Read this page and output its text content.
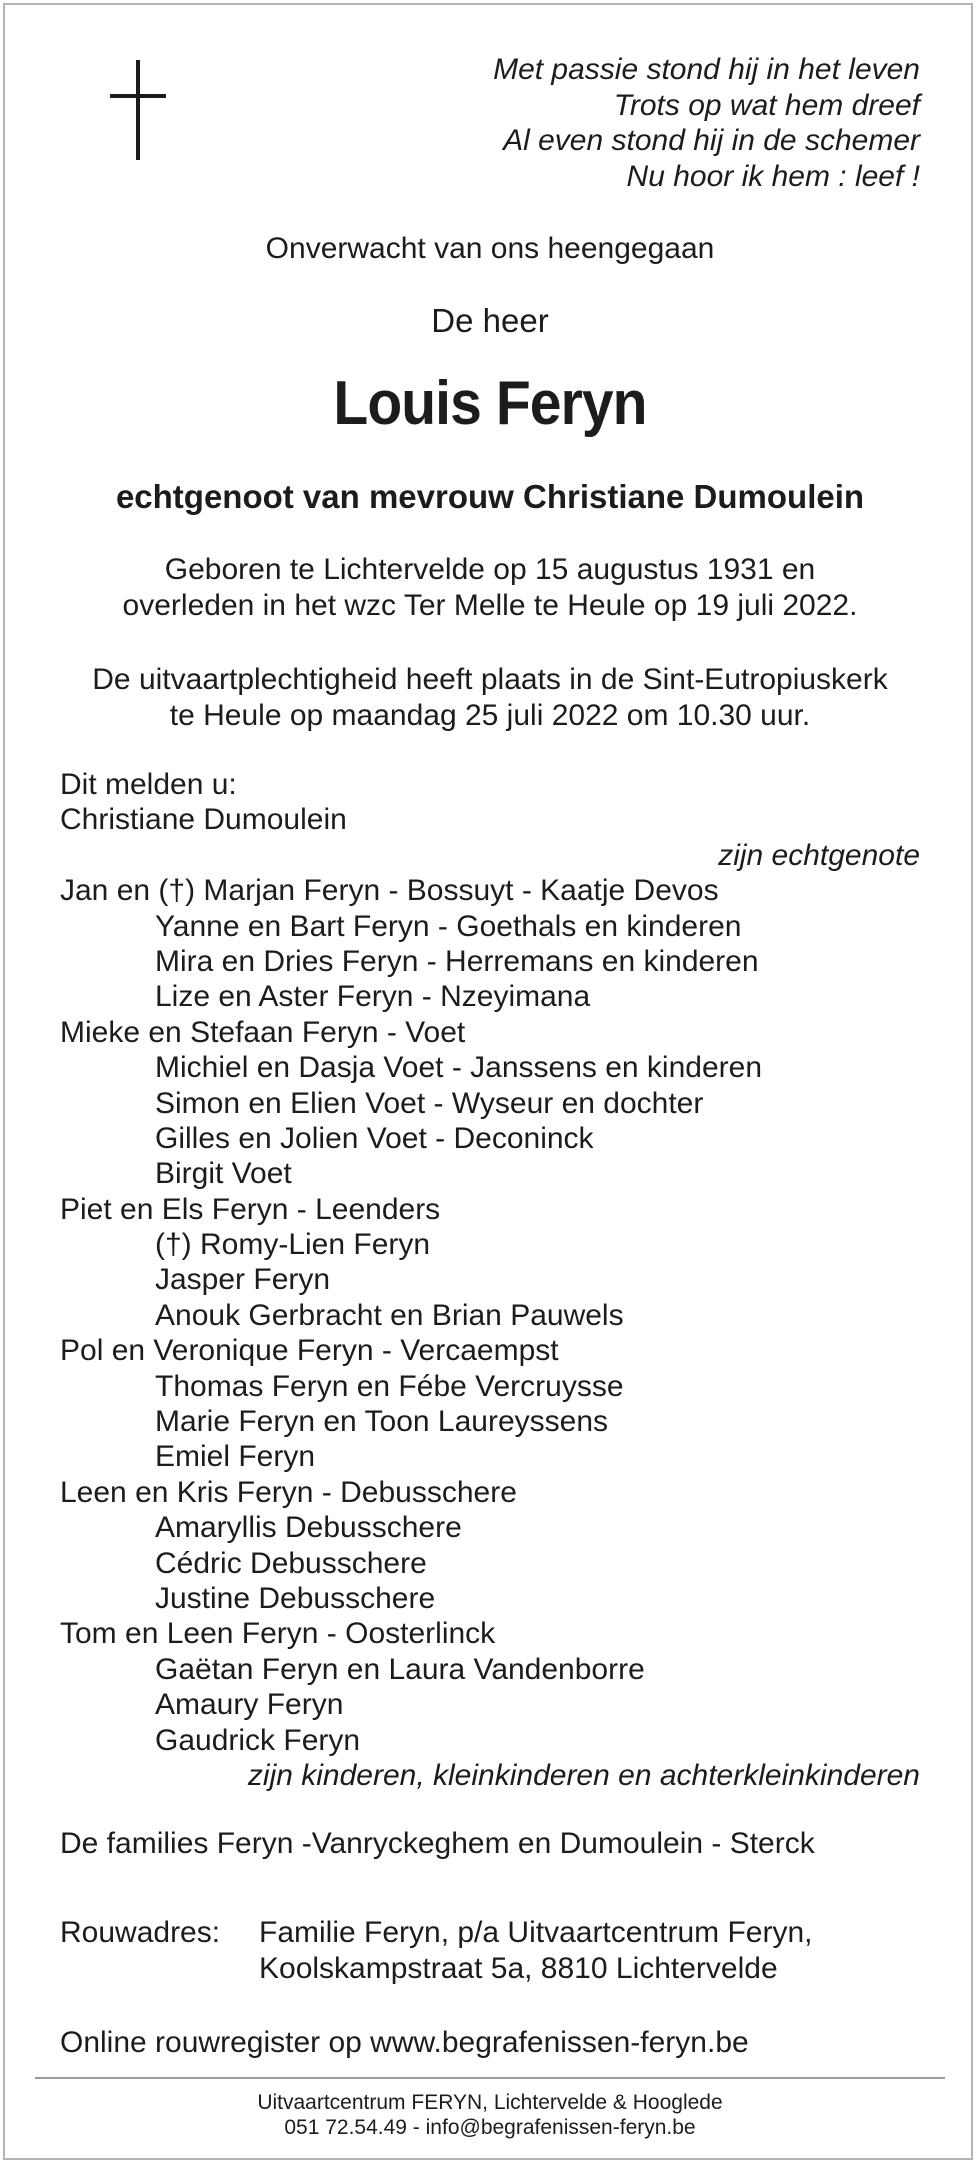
Met passie stond hij in het leven
Trots op wat hem dreef
Al even stond hij in de schemer
Nu hoor ik hem : leef !
Onverwacht van ons heengegaan
De heer
Louis Feryn
echtgenoot van mevrouw Christiane Dumoulein
Geboren te Lichtervelde op 15 augustus 1931 en
overleden in het wzc Ter Melle te Heule op 19 juli 2022.
De uitvaartplechtigheid heeft plaats in de Sint-Eutropiuskerk
te Heule op maandag 25 juli 2022 om 10.30 uur.
Dit melden u:
Christiane Dumoulein
zijn echtgenote
Jan en (†) Marjan Feryn - Bossuyt - Kaatje Devos
Yanne en Bart Feryn - Goethals en kinderen
Mira en Dries Feryn - Herremans en kinderen
Lize en Aster Feryn - Nzeyimana
Mieke en Stefaan Feryn - Voet
Michiel en Dasja Voet - Janssens en kinderen
Simon en Elien Voet - Wyseur en dochter
Gilles en Jolien Voet - Deconinck
Birgit Voet
Piet en Els Feryn - Leenders
(†) Romy-Lien Feryn
Jasper Feryn
Anouk Gerbracht en Brian Pauwels
Pol en Veronique Feryn - Vercaempst
Thomas Feryn en Fébe Vercruysse
Marie Feryn en Toon Laureyssens
Emiel Feryn
Leen en Kris Feryn - Debusschere
Amaryllis Debusschere
Cédric Debusschere
Justine Debusschere
Tom en Leen Feryn - Oosterlinck
Gaëtan Feryn en Laura Vandenborre
Amaury Feryn
Gaudrick Feryn
zijn kinderen, kleinkinderen en achterkleinkinderen
De families Feryn -Vanryckeghem en Dumoulein - Sterck
Rouwadres: Familie Feryn, p/a Uitvaartcentrum Feryn,
Koolskampstraat 5a, 8810 Lichtervelde
Online rouwregister op www.begrafenissen-feryn.be
Uitvaartcentrum FERYN, Lichtervelde & Hooglede
051 72.54.49 - info@begrafenissen-feryn.be
